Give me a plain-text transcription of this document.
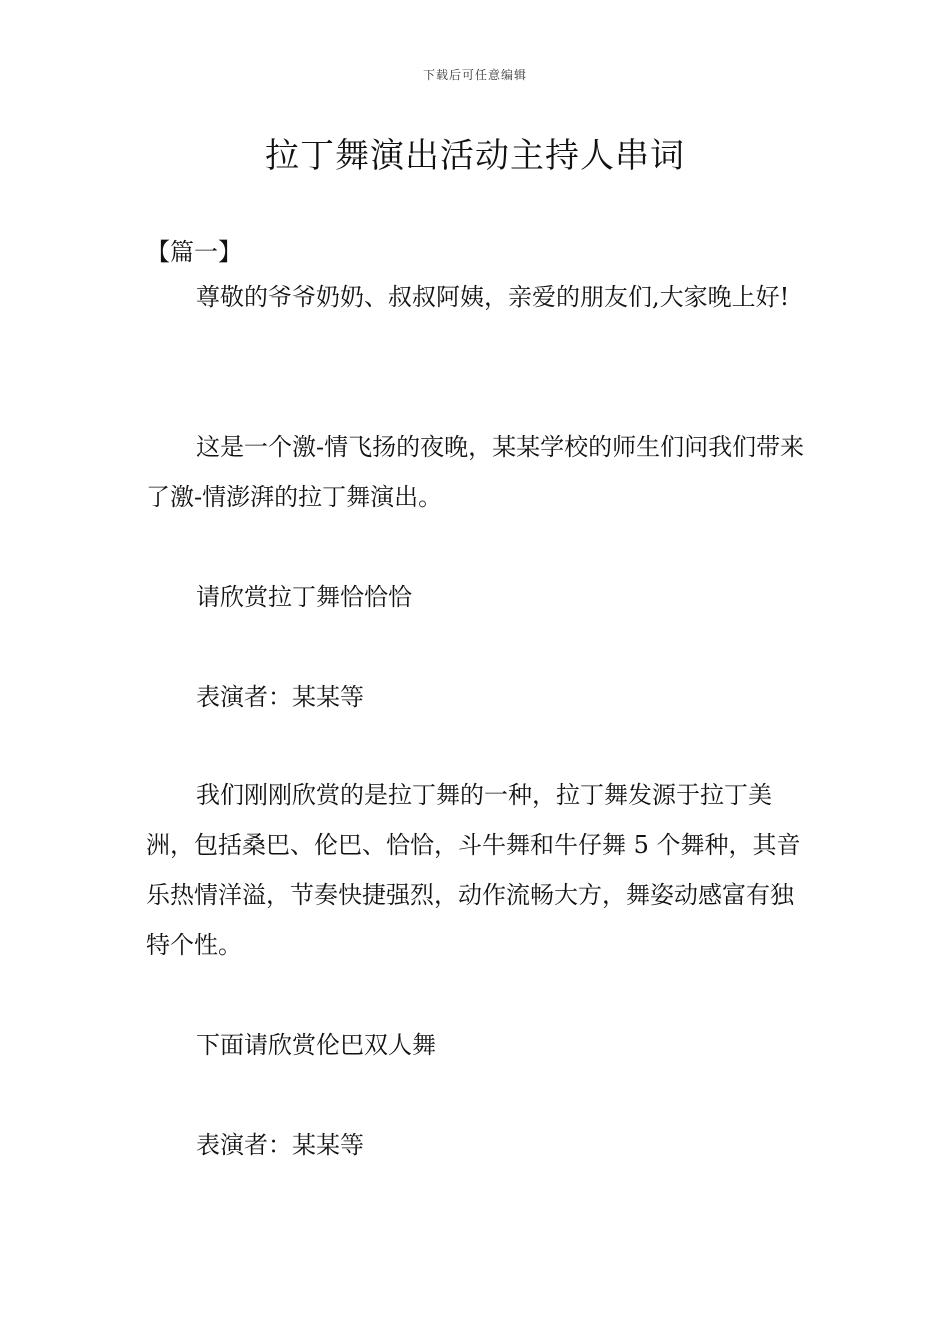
下载后可任意编辑
拉丁舞演出活动主持人串词
【篇一】

尊敬的爷爷奶奶、叔叔阿姨，亲爱的朋友们,大家晚上好!

这是一个激-情飞扬的夜晚，某某学校的师生们问我们带来了激-情澎湃的拉丁舞演出。

请欣赏拉丁舞恰恰恰

表演者：某某等

我们刚刚欣赏的是拉丁舞的一种，拉丁舞发源于拉丁美洲，包括桑巴、伦巴、恰恰，斗牛舞和牛仔舞 5 个舞种，其音乐热情洋溢，节奏快捷强烈，动作流畅大方，舞姿动感富有独特个性。

下面请欣赏伦巴双人舞

表演者：某某等
